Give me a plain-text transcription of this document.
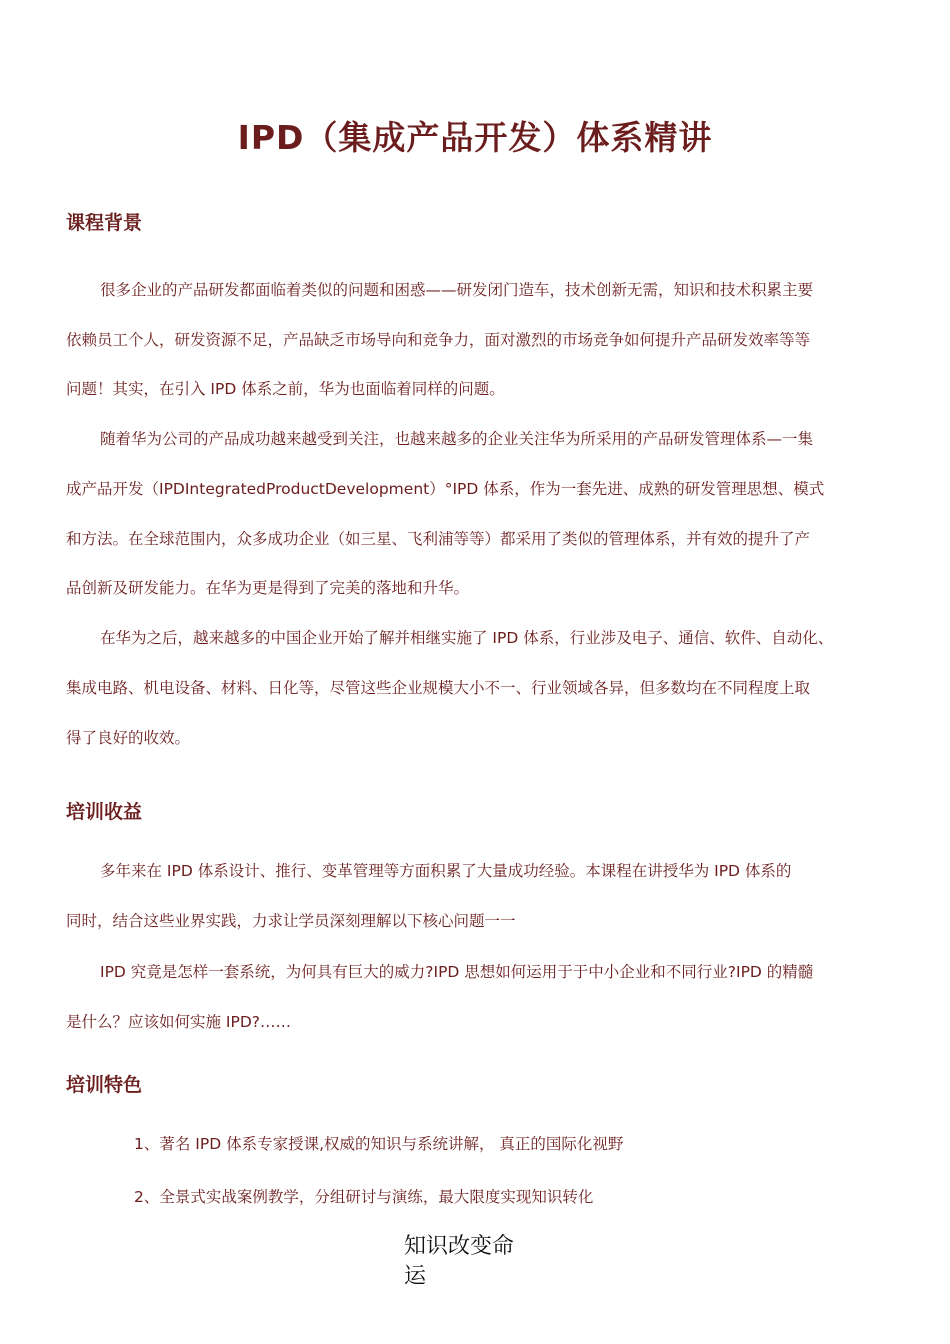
IPD（集成产品开发）体系精讲
课程背景
很多企业的产品研发都面临着类似的问题和困惑——研发闭门造车，技术创新无需，知识和技术积累主要
依赖员工个人，研发资源不足，产品缺乏市场导向和竞争力，面对激烈的市场竞争如何提升产品研发效率等等
问题！其实，在引入 IPD 体系之前，华为也面临着同样的问题。
随着华为公司的产品成功越来越受到关注，也越来越多的企业关注华为所采用的产品研发管理体系—一集
成产品开发（IPDIntegratedProductDevelopment）°IPD 体系，作为一套先进、成熟的研发管理思想、模式
和方法。在全球范围内，众多成功企业（如三星、飞利浦等等）都采用了类似的管理体系，并有效的提升了产
品创新及研发能力。在华为更是得到了完美的落地和升华。
在华为之后，越来越多的中国企业开始了解并相继实施了 IPD 体系，行业涉及电子、通信、软件、自动化、
集成电路、机电设备、材料、日化等，尽管这些企业规模大小不一、行业领域各异，但多数均在不同程度上取
得了良好的收效。
培训收益
多年来在 IPD 体系设计、推行、变革管理等方面积累了大量成功经验。本课程在讲授华为 IPD 体系的
同时，结合这些业界实践，力求让学员深刻理解以下核心问题一一
IPD 究竟是怎样一套系统，为何具有巨大的威力?IPD 思想如何运用于于中小企业和不同行业?IPD 的精髓
是什么？应该如何实施 IPD?……
培训特色
1、著名 IPD 体系专家授课,权威的知识与系统讲解， 真正的国际化视野
2、全景式实战案例教学，分组研讨与演练，最大限度实现知识转化
知识改变命
运
